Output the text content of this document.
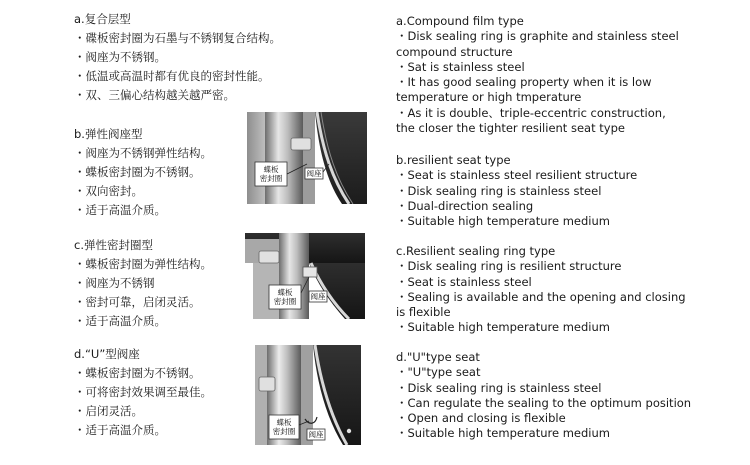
a.复合层型
・碟板密封圈为石墨与不锈钢复合结构。
・阀座为不锈钢。
・低温或高温时都有优良的密封性能。
・双、三偏心结构越关越严密。
b.弹性阀座型
・阀座为不锈钢弹性结构。
・蝶板密封圈为不锈钢。
・双向密封。
・适于高温介质。
c.弹性密封圈型
・蝶板密封圈为弹性结构。
・阀座为不锈钢
・密封可靠，启闭灵活。
・适于高温介质。
d.“U”型阀座
・蝶板密封圈为不锈钢。
・可将密封效果调至最佳。
・启闭灵活。
・适于高温介质。
蝶板密封圈
阀座
蝶板密封圈
阀座
蝶板密封圈 阀座
a.Compound film type
・Disk sealing ring is graphite and stainless steel
compound structure
・Sat is stainless steel
・It has good sealing property when it is low
temperature or high tmperature
・As it is double、triple-eccentric construction,
the closer the tighter resilient seat type
b.resilient seat type
・Seat is stainless steel resilient structure
・Disk sealing ring is stainless steel
・Dual-direction sealing
・Suitable high temperature medium
c.Resilient sealing ring type
・Disk sealing ring is resilient structure
・Seat is stainless steel
・Sealing is available and the opening and closing
is flexible
・Suitable high temperature medium
d."U"type seat
・"U"type seat
・Disk sealing ring is stainless steel
・Can regulate the sealing to the optimum position
・Open and closing is flexible
・Suitable high temperature medium
